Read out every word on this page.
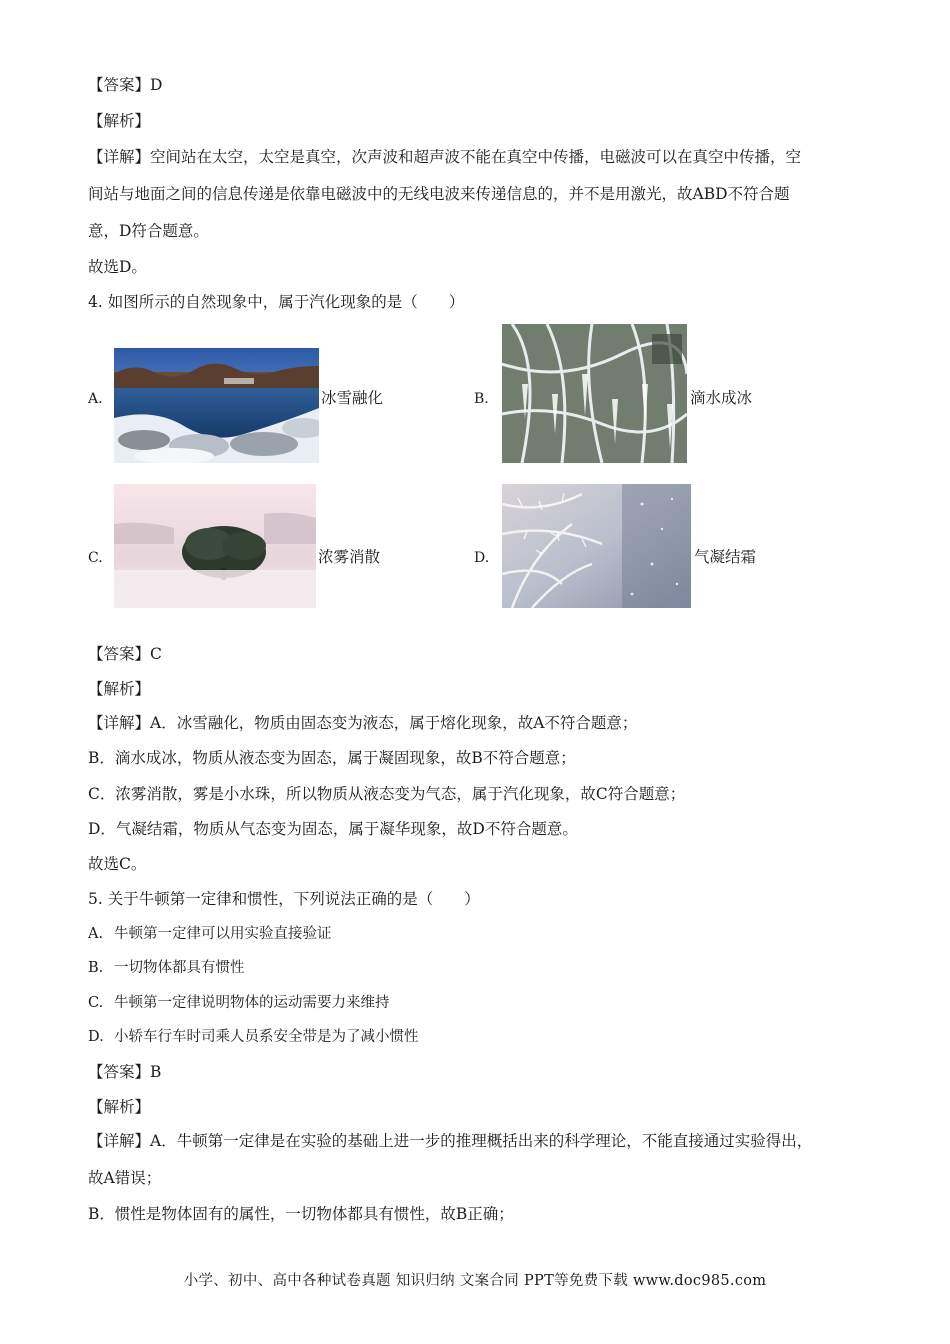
【答案】D
【解析】
【详解】空间站在太空，太空是真空，次声波和超声波不能在真空中传播，电磁波可以在真空中传播，空
间站与地面之间的信息传递是依靠电磁波中的无线电波来传递信息的，并不是用激光，故ABD不符合题
意，D符合题意。
故选D。
4. 如图所示的自然现象中，属于汽化现象的是（　　）
A.	冰雪融化	B.	滴水成冰
C.	浓雾消散	D.	气凝结霜
【答案】C
【解析】
【详解】A．冰雪融化，物质由固态变为液态，属于熔化现象，故A不符合题意；
B．滴水成冰，物质从液态变为固态，属于凝固现象，故B不符合题意；
C．浓雾消散，雾是小水珠，所以物质从液态变为气态，属于汽化现象，故C符合题意；
D．气凝结霜，物质从气态变为固态，属于凝华现象，故D不符合题意。
故选C。
5. 关于牛顿第一定律和惯性，下列说法正确的是（　　）
A. 牛顿第一定律可以用实验直接验证
B. 一切物体都具有惯性
C. 牛顿第一定律说明物体的运动需要力来维持
D. 小轿车行车时司乘人员系安全带是为了减小惯性
【答案】B
【解析】
【详解】A．牛顿第一定律是在实验的基础上进一步的推理概括出来的科学理论，不能直接通过实验得出，
故A错误；
B．惯性是物体固有的属性，一切物体都具有惯性，故B正确；
小学、初中、高中各种试卷真题 知识归纳 文案合同 PPT等免费下载 www.doc985.com
